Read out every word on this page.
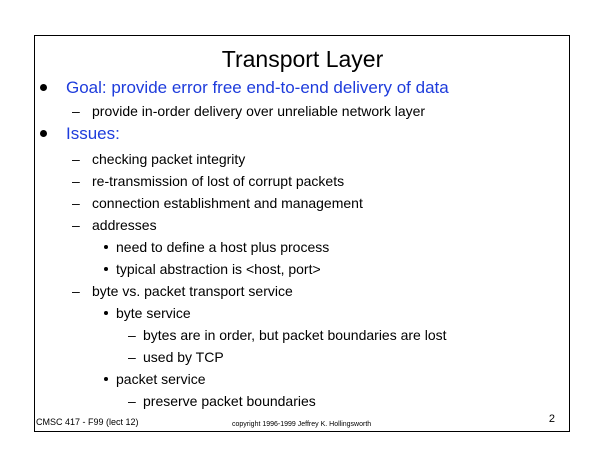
Transport Layer
Goal: provide error free end-to-end delivery of data
– provide in-order delivery over unreliable network layer
Issues:
– checking packet integrity
– re-transmission of lost of corrupt packets
– connection establishment and management
– addresses
need to define a host plus process
typical abstraction is <host, port>
– byte vs. packet transport service
byte service
– bytes are in order, but packet boundaries are lost
– used by TCP
packet service
– preserve packet boundaries
CMSC 417 - F99 (lect 12)	copyright 1996-1999 Jeffrey K. Hollingsworth	2
